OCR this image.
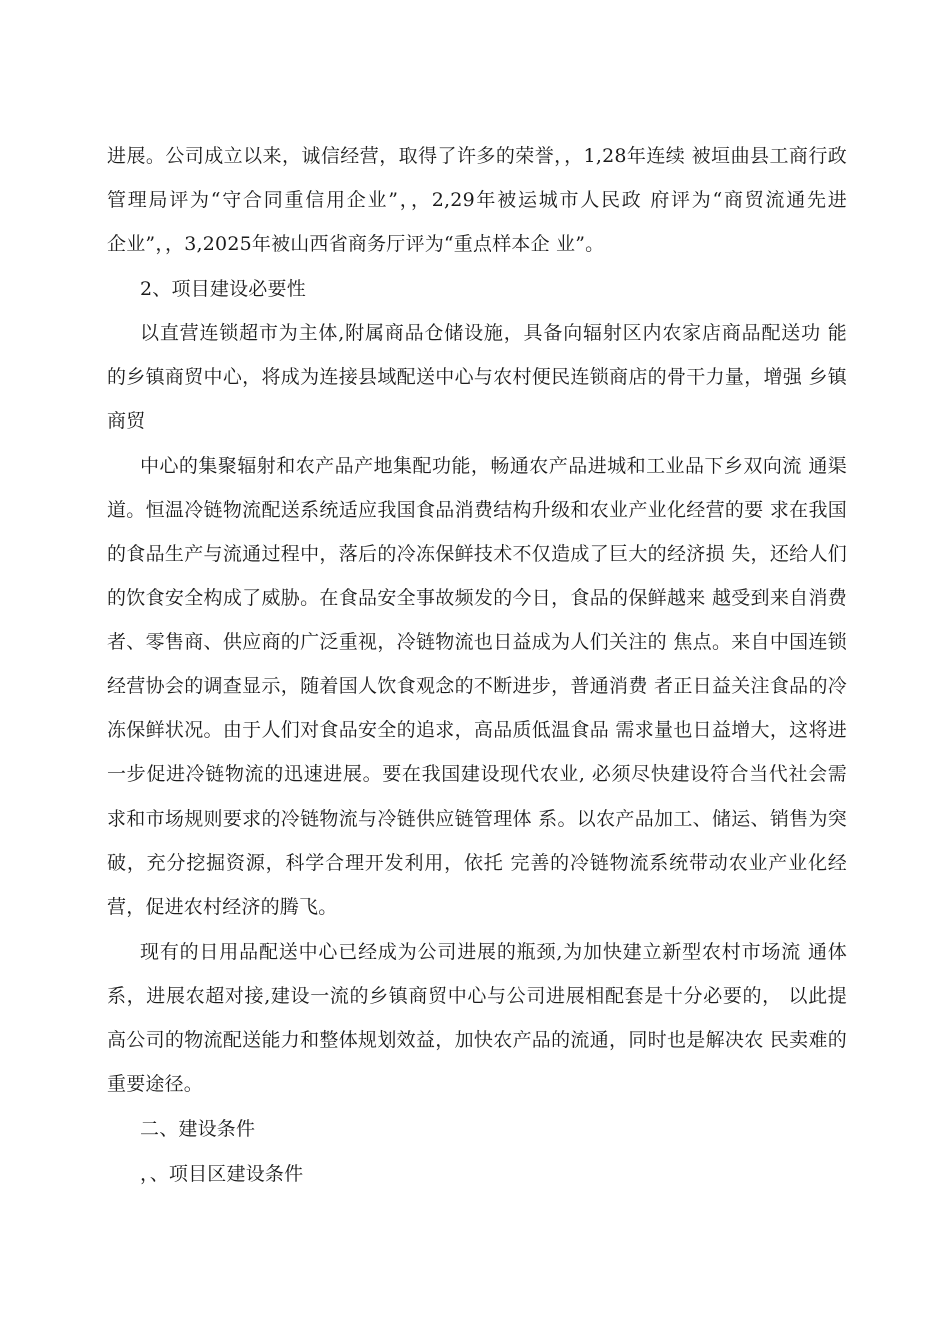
进展。公司成立以来，诚信经营，取得了许多的荣誉，，1,28年连续 被垣曲县工商行政
管理局评为“守合同重信用企业”，，2,29年被运城市人民政 府评为“商贸流通先进
企业”，，3,2025年被山西省商务厅评为“重点样本企 业”。
2、项目建设必要性
以直营连锁超市为主体,附属商品仓储设施，具备向辐射区内农家店商品配送功 能
的乡镇商贸中心，将成为连接县域配送中心与农村便民连锁商店的骨干力量，增强 乡镇
商贸
中心的集聚辐射和农产品产地集配功能，畅通农产品进城和工业品下乡双向流 通渠
道。恒温冷链物流配送系统适应我国食品消费结构升级和农业产业化经营的要 求在我国
的食品生产与流通过程中，落后的冷冻保鲜技术不仅造成了巨大的经济损 失，还给人们
的饮食安全构成了威胁。在食品安全事故频发的今日，食品的保鲜越来 越受到来自消费
者、零售商、供应商的广泛重视，冷链物流也日益成为人们关注的 焦点。来自中国连锁
经营协会的调查显示，随着国人饮食观念的不断进步，普通消费 者正日益关注食品的冷
冻保鲜状况。由于人们对食品安全的追求，高品质低温食品 需求量也日益增大，这将进
一步促进冷链物流的迅速进展。要在我国建设现代农业, 必须尽快建设符合当代社会需
求和市场规则要求的冷链物流与冷链供应链管理体 系。以农产品加工、储运、销售为突
破，充分挖掘资源，科学合理开发利用，依托 完善的冷链物流系统带动农业产业化经
营，促进农村经济的腾飞。
现有的日用品配送中心已经成为公司进展的瓶颈,为加快建立新型农村市场流 通体
系，进展农超对接,建设一流的乡镇商贸中心与公司进展相配套是十分必要的， 以此提
高公司的物流配送能力和整体规划效益，加快农产品的流通，同时也是解决农 民卖难的
重要途径。
二、建设条件
，、项目区建设条件
